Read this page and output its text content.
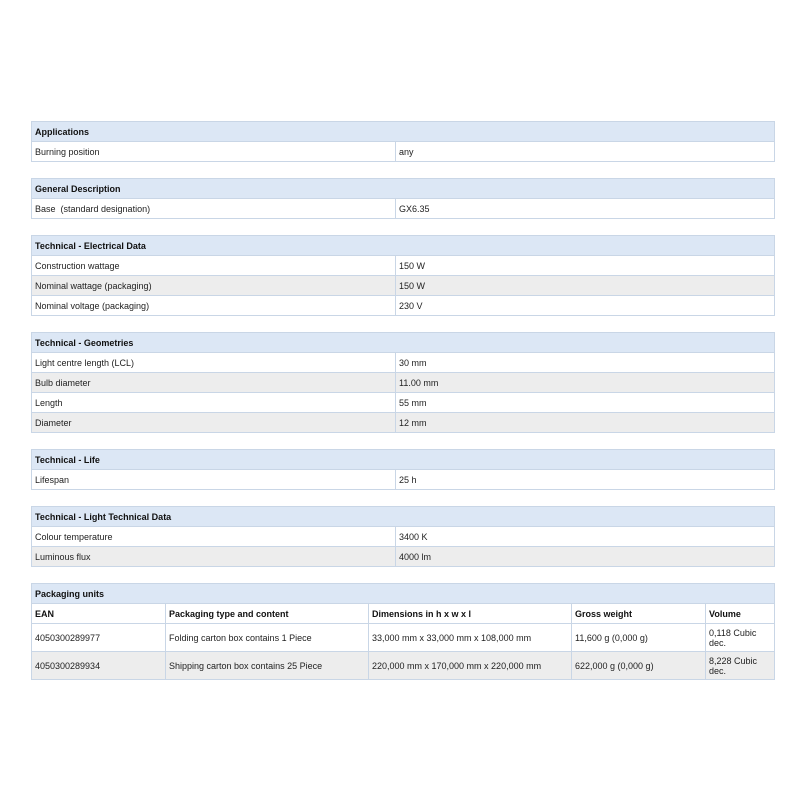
Applications
Burning position	any
General Description
Base  (standard designation)	GX6.35
Technical - Electrical Data	
Construction wattage	150 W
Nominal wattage (packaging)	150 W
Nominal voltage (packaging)	230 V
Technical - Geometries	
Light centre length (LCL)	30 mm
Bulb diameter	11.00 mm
Length	55 mm
Diameter	12 mm
Technical - Life
Lifespan	25 h
Technical - Light Technical Data	
Colour temperature	3400 K
Luminous flux	4000 lm
Packaging units				
EAN	Packaging type and content	Dimensions in h x w x l	Gross weight	Volume
4050300289977	Folding carton box contains 1 Piece	33,000 mm x 33,000 mm x 108,000 mm	11,600 g (0,000 g)	0,118 Cubic dec.
4050300289934	Shipping carton box contains 25 Piece	220,000 mm x 170,000 mm x 220,000 mm	622,000 g (0,000 g)	8,228 Cubic dec.
